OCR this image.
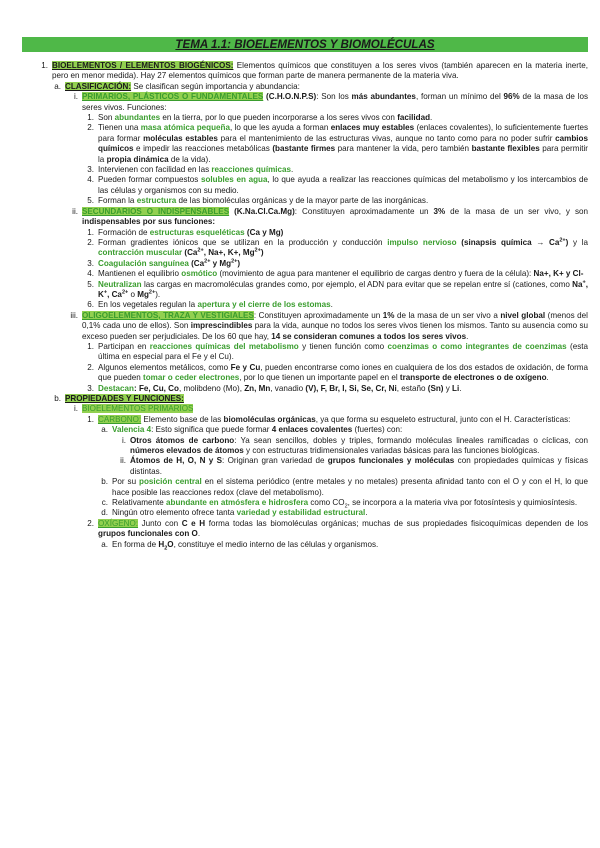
TEMA 1.1: BIOELEMENTOS Y BIOMOLÉCULAS
1. BIOELEMENTOS / ELEMENTOS BIOGÉNICOS: Elementos químicos que constituyen a los seres vivos (también aparecen en la materia inerte, pero en menor medida). Hay 27 elementos químicos que forman parte de manera permanente de la materia viva.
a. CLASIFICACIÓN: Se clasifican según importancia y abundancia:
i. PRIMARIOS, PLÁSTICOS O FUNDAMENTALES (C.H.O.N.P.S): Son los más abundantes, forman un mínimo del 96% de la masa de los seres vivos. Funciones:
1. Son abundantes en la tierra, por lo que pueden incorporarse a los seres vivos con facilidad.
2. Tienen una masa atómica pequeña, lo que les ayuda a forman enlaces muy estables (enlaces covalentes), lo suficientemente fuertes para formar moléculas estables para el mantenimiento de las estructuras vivas, aunque no tanto como para no poder sufrir cambios químicos e impedir las reacciones metabólicas (bastante firmes para mantener la vida, pero también bastante flexibles para permitir la propia dinámica de la vida).
3. Intervienen con facilidad en las reacciones químicas.
4. Pueden formar compuestos solubles en agua, lo que ayuda a realizar las reacciones químicas del metabolismo y los intercambios de las células y organismos con su medio.
5. Forman la estructura de las biomoléculas orgánicas y de la mayor parte de las inorgánicas.
ii. SECUNDARIOS O INDISPENSABLES (K.Na.Cl.Ca.Mg): Constituyen aproximadamente un 3% de la masa de un ser vivo, y son indispensables por sus funciones:
1. Formación de estructuras esqueléticas (Ca y Mg)
2. Forman gradientes iónicos que se utilizan en la producción y conducción impulso nervioso (sinapsis química → $Ca^{2+}$) y la contracción muscular ($Ca^{2+}$, Na+, K+, $Mg^{2+}$)
3. Coagulación sanguínea ($Ca^{2+}$ y $Mg^{2+}$)
4. Mantienen el equilibrio osmótico (movimiento de agua para mantener el equilibrio de cargas dentro y fuera de la célula): Na+, K+ y Cl-
5. Neutralizan las cargas en macromoléculas grandes como, por ejemplo, el ADN para evitar que se repelan entre sí (cationes, como Na+, K+, $Ca^{2+}$ o $Mg^{2+}$).
6. En los vegetales regulan la apertura y el cierre de los estomas.
iii. OLIGOELEMENTOS, TRAZA Y VESTIGIALES: Constituyen aproximadamente un 1% de la masa de un ser vivo a nivel global (menos del 0,1% cada uno de ellos). Son imprescindibles para la vida, aunque no todos los seres vivos tienen los mismos. Tanto su ausencia como su exceso pueden ser perjudiciales. De los 60 que hay, 14 se consideran comunes a todos los seres vivos.
1. Participan en reacciones químicas del metabolismo y tienen función como coenzimas o como integrantes de coenzimas (esta última en especial para el Fe y el Cu).
2. Algunos elementos metálicos, como Fe y Cu, pueden encontrarse como iones en cualquiera de los dos estados de oxidación, de forma que pueden tomar o ceder electrones, por lo que tienen un importante papel en el transporte de electrones o de oxígeno.
3. Destacan: Fe, Cu, Co, molibdeno (Mo), Zn, Mn, vanadio (V), F, Br, I, Si, Se, Cr, Ni, estaño (Sn) y Li.
b. PROPIEDADES Y FUNCIONES:
i. BIOELEMENTOS PRIMARIOS
1. CARBONO: Elemento base de las biomoléculas orgánicas, ya que forma su esqueleto estructural, junto con el H. Características:
a. Valencia 4: Esto significa que puede formar 4 enlaces covalentes (fuertes) con:
i. Otros átomos de carbono: Ya sean sencillos, dobles y triples, formando moléculas lineales ramificadas o cíclicas, con números elevados de átomos y con estructuras tridimensionales variadas básicas para las funciones biológicas.
ii. Átomos de H, O, N y S: Originan gran variedad de grupos funcionales y moléculas con propiedades químicas y físicas distintas.
b. Por su posición central en el sistema periódico (entre metales y no metales) presenta afinidad tanto con el O y con el H, lo que hace posible las reacciones redox (clave del metabolismo).
c. Relativamente abundante en atmósfera e hidrosfera como $CO_2$, se incorpora a la materia viva por fotosíntesis y quimiosíntesis.
d. Ningún otro elemento ofrece tanta variedad y estabilidad estructural.
2. OXÍGENO: Junto con C e H forma todas las biomoléculas orgánicas; muchas de sus propiedades fisicoquímicas dependen de los grupos funcionales con O.
a. En forma de $H_2O$, constituye el medio interno de las células y organismos.
